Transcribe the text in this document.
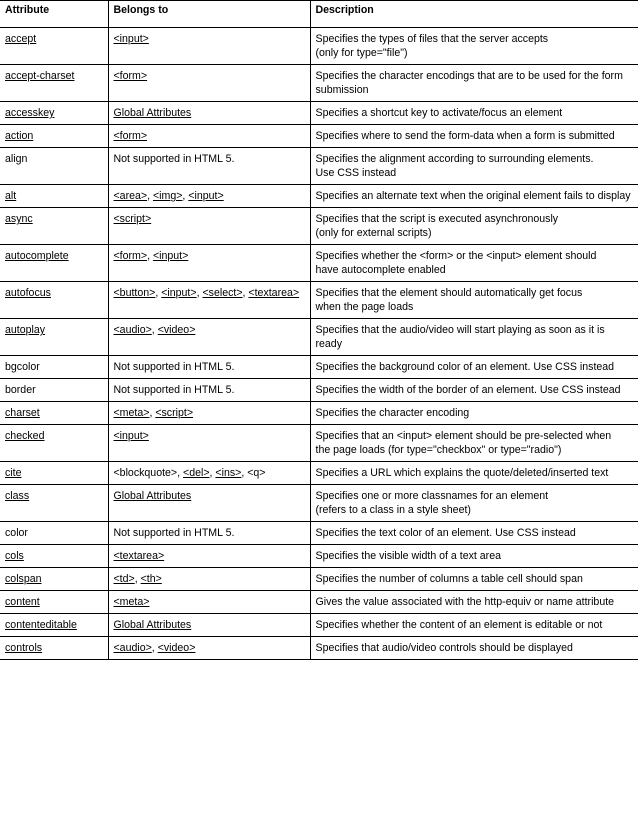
Attribute	Belongs to	Description
accept	<input>	Specifies the types of files that the server accepts
(only for type="file")
accept-charset	<form>	Specifies the character encodings that are to be used for the form
submission
accesskey	Global Attributes	Specifies a shortcut key to activate/focus an element
action	<form>	Specifies where to send the form-data when a form is submitted
align	Not supported in HTML 5.	Specifies the alignment according to surrounding elements.
Use CSS instead
alt	<area>, <img>, <input>	Specifies an alternate text when the original element fails to display
async	<script>	Specifies that the script is executed asynchronously
(only for external scripts)
autocomplete	<form>, <input>	Specifies whether the <form> or the <input> element should
have autocomplete enabled
autofocus	<button>, <input>, <select>, <textarea>	Specifies that the element should automatically get focus
when the page loads
autoplay	<audio>, <video>	Specifies that the audio/video will start playing as soon as it is ready
bgcolor	Not supported in HTML 5.	Specifies the background color of an element. Use CSS instead
border	Not supported in HTML 5.	Specifies the width of the border of an element. Use CSS instead
charset	<meta>, <script>	Specifies the character encoding
checked	<input>	Specifies that an <input> element should be pre-selected when
the page loads (for type="checkbox" or type="radio")
cite	<blockquote>, <del>, <ins>, <q>	Specifies a URL which explains the quote/deleted/inserted text
class	Global Attributes	Specifies one or more classnames for an element
(refers to a class in a style sheet)
color	Not supported in HTML 5.	Specifies the text color of an element. Use CSS instead
cols	<textarea>	Specifies the visible width of a text area
colspan	<td>, <th>	Specifies the number of columns a table cell should span
content	<meta>	Gives the value associated with the http-equiv or name attribute
contenteditable	Global Attributes	Specifies whether the content of an element is editable or not
controls	<audio>, <video>	Specifies that audio/video controls should be displayed
